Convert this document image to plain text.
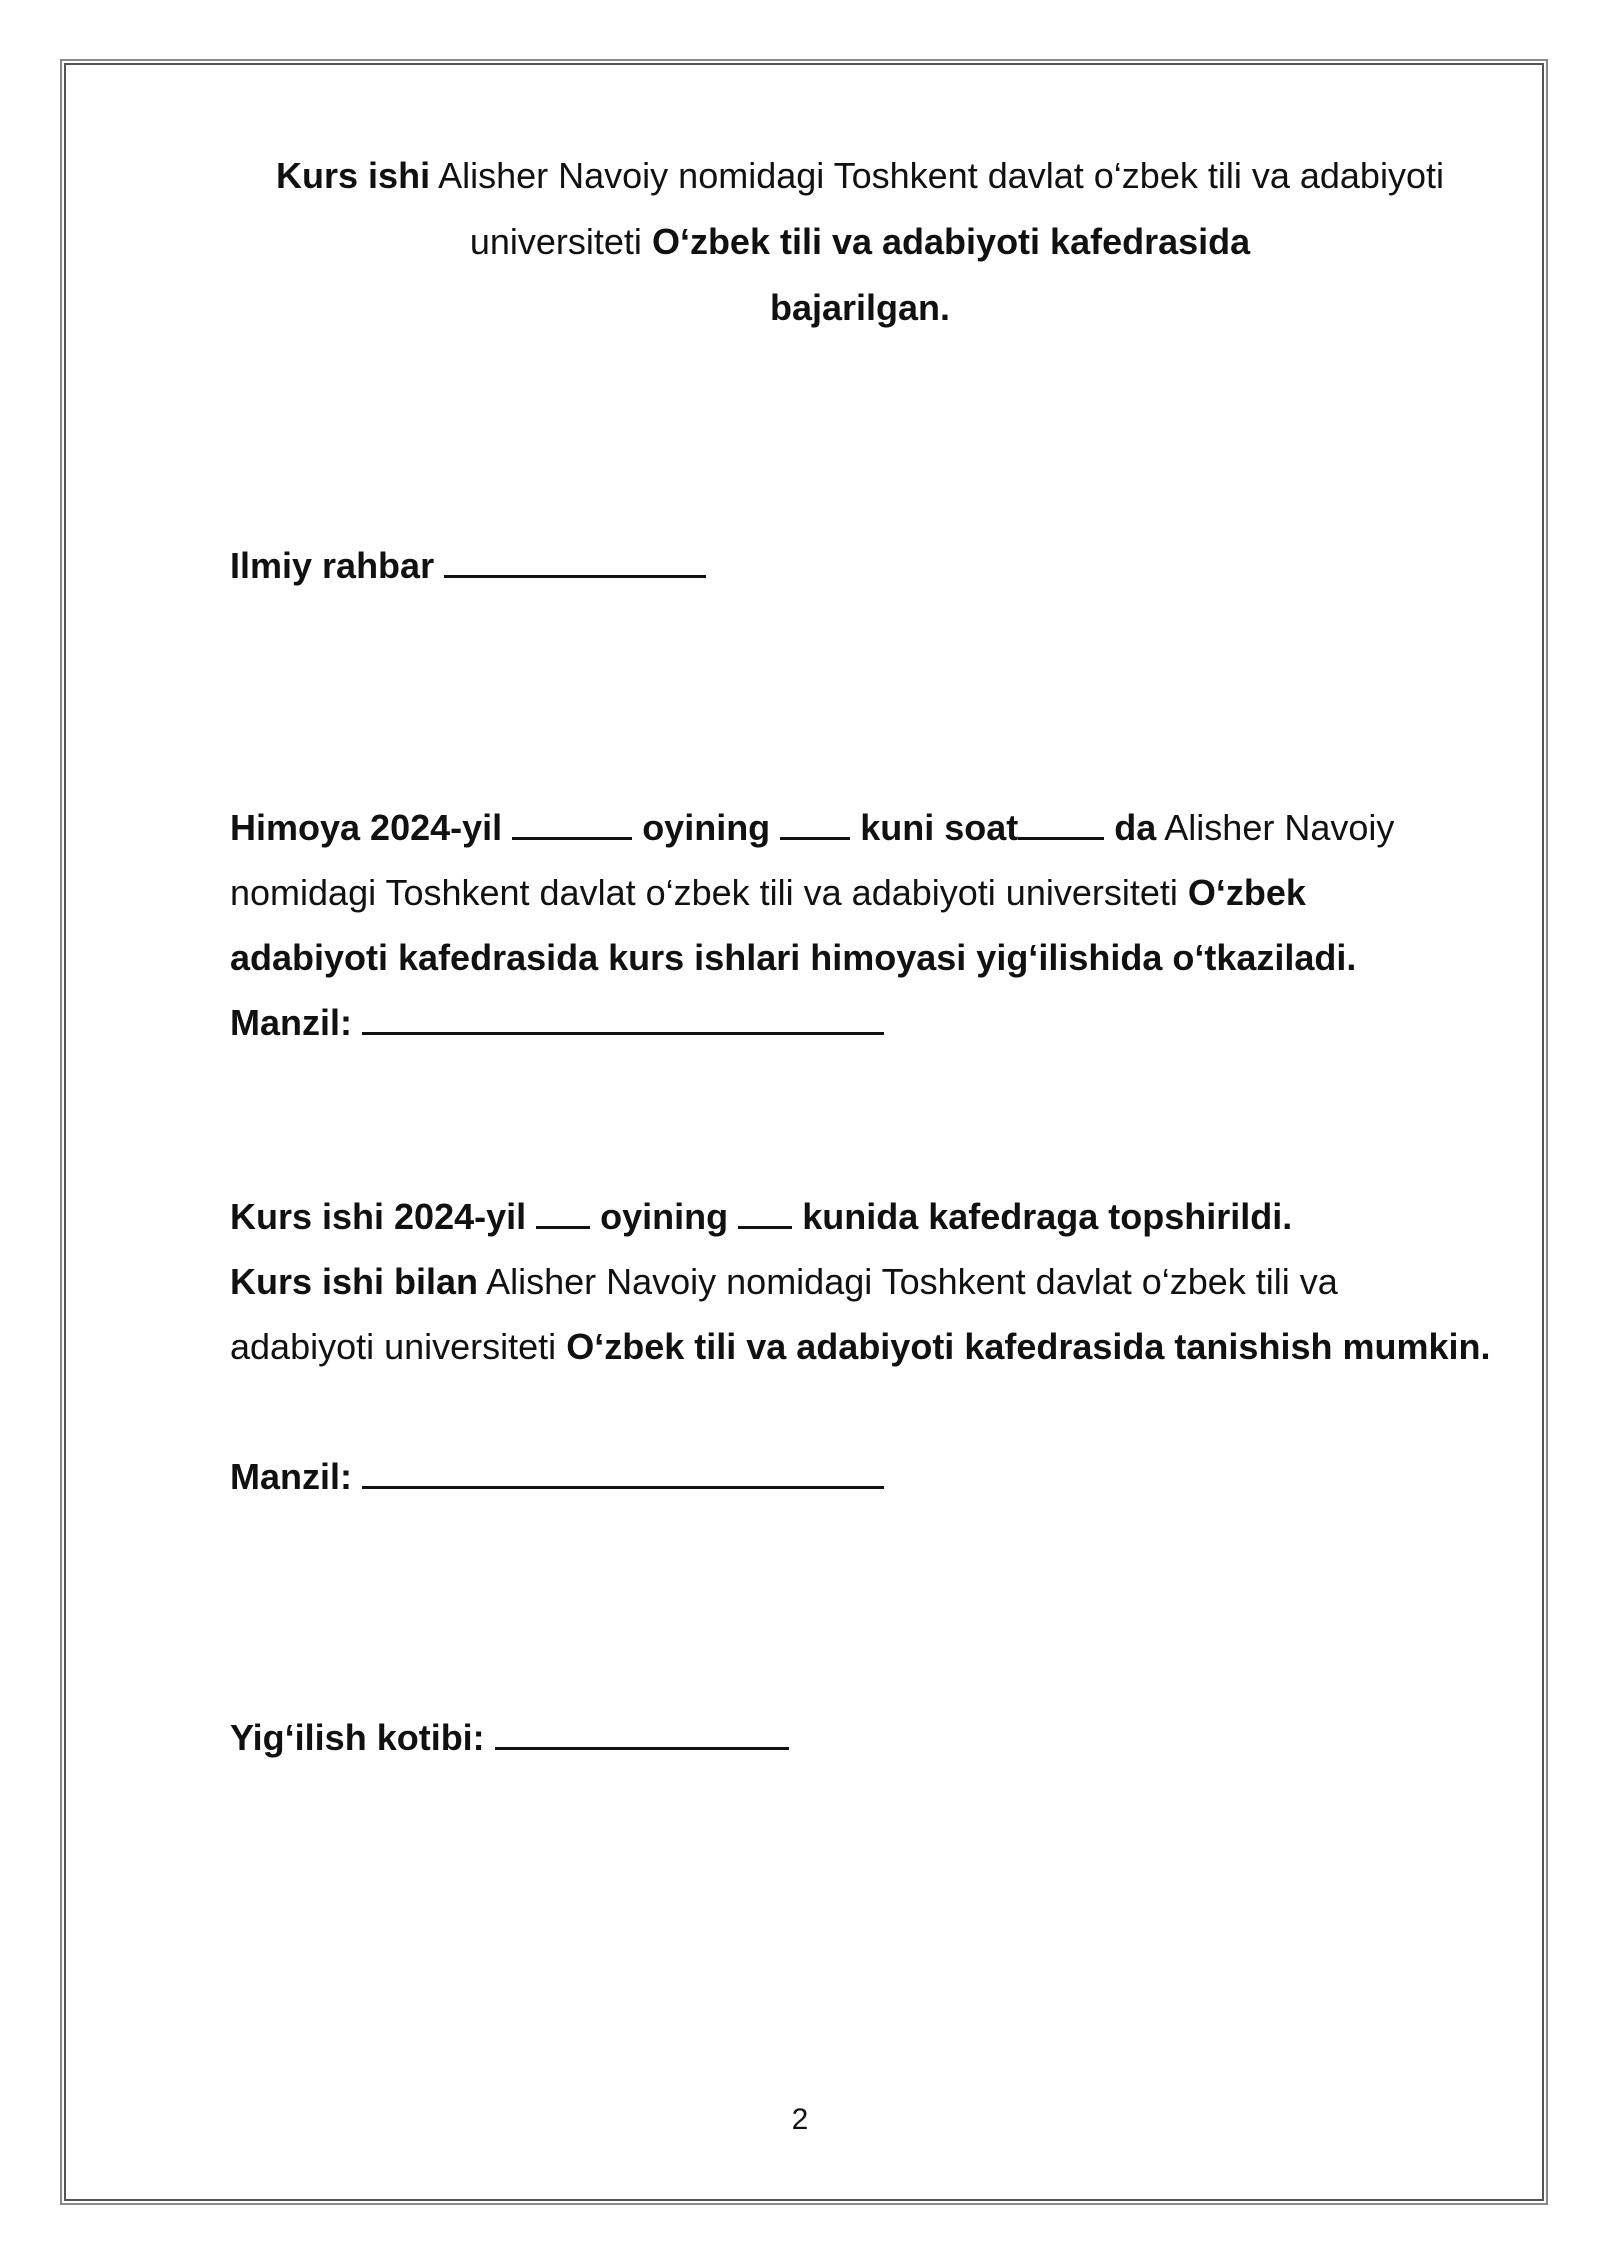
Kurs ishi Alisher Navoiy nomidagi Toshkent davlat o‘zbek tili va adabiyoti
universiteti O‘zbek tili va adabiyoti kafedrasida
bajarilgan.
Ilmiy rahbar
Himoya 2024-yil	oyining	kuni soat	da Alisher Navoiy
nomidagi Toshkent davlat o‘zbek tili va adabiyoti universiteti O‘zbek
adabiyoti kafedrasida kurs ishlari himoyasi yig‘ilishida o‘tkaziladi.
Manzil:
Kurs ishi 2024-yil oyining kunida kafedraga topshirildi.
Kurs ishi bilan Alisher Navoiy nomidagi Toshkent davlat o‘zbek tili va
adabiyoti universiteti O‘zbek tili va adabiyoti kafedrasida tanishish mumkin.
Manzil:
Yig‘ilish kotibi:
2
